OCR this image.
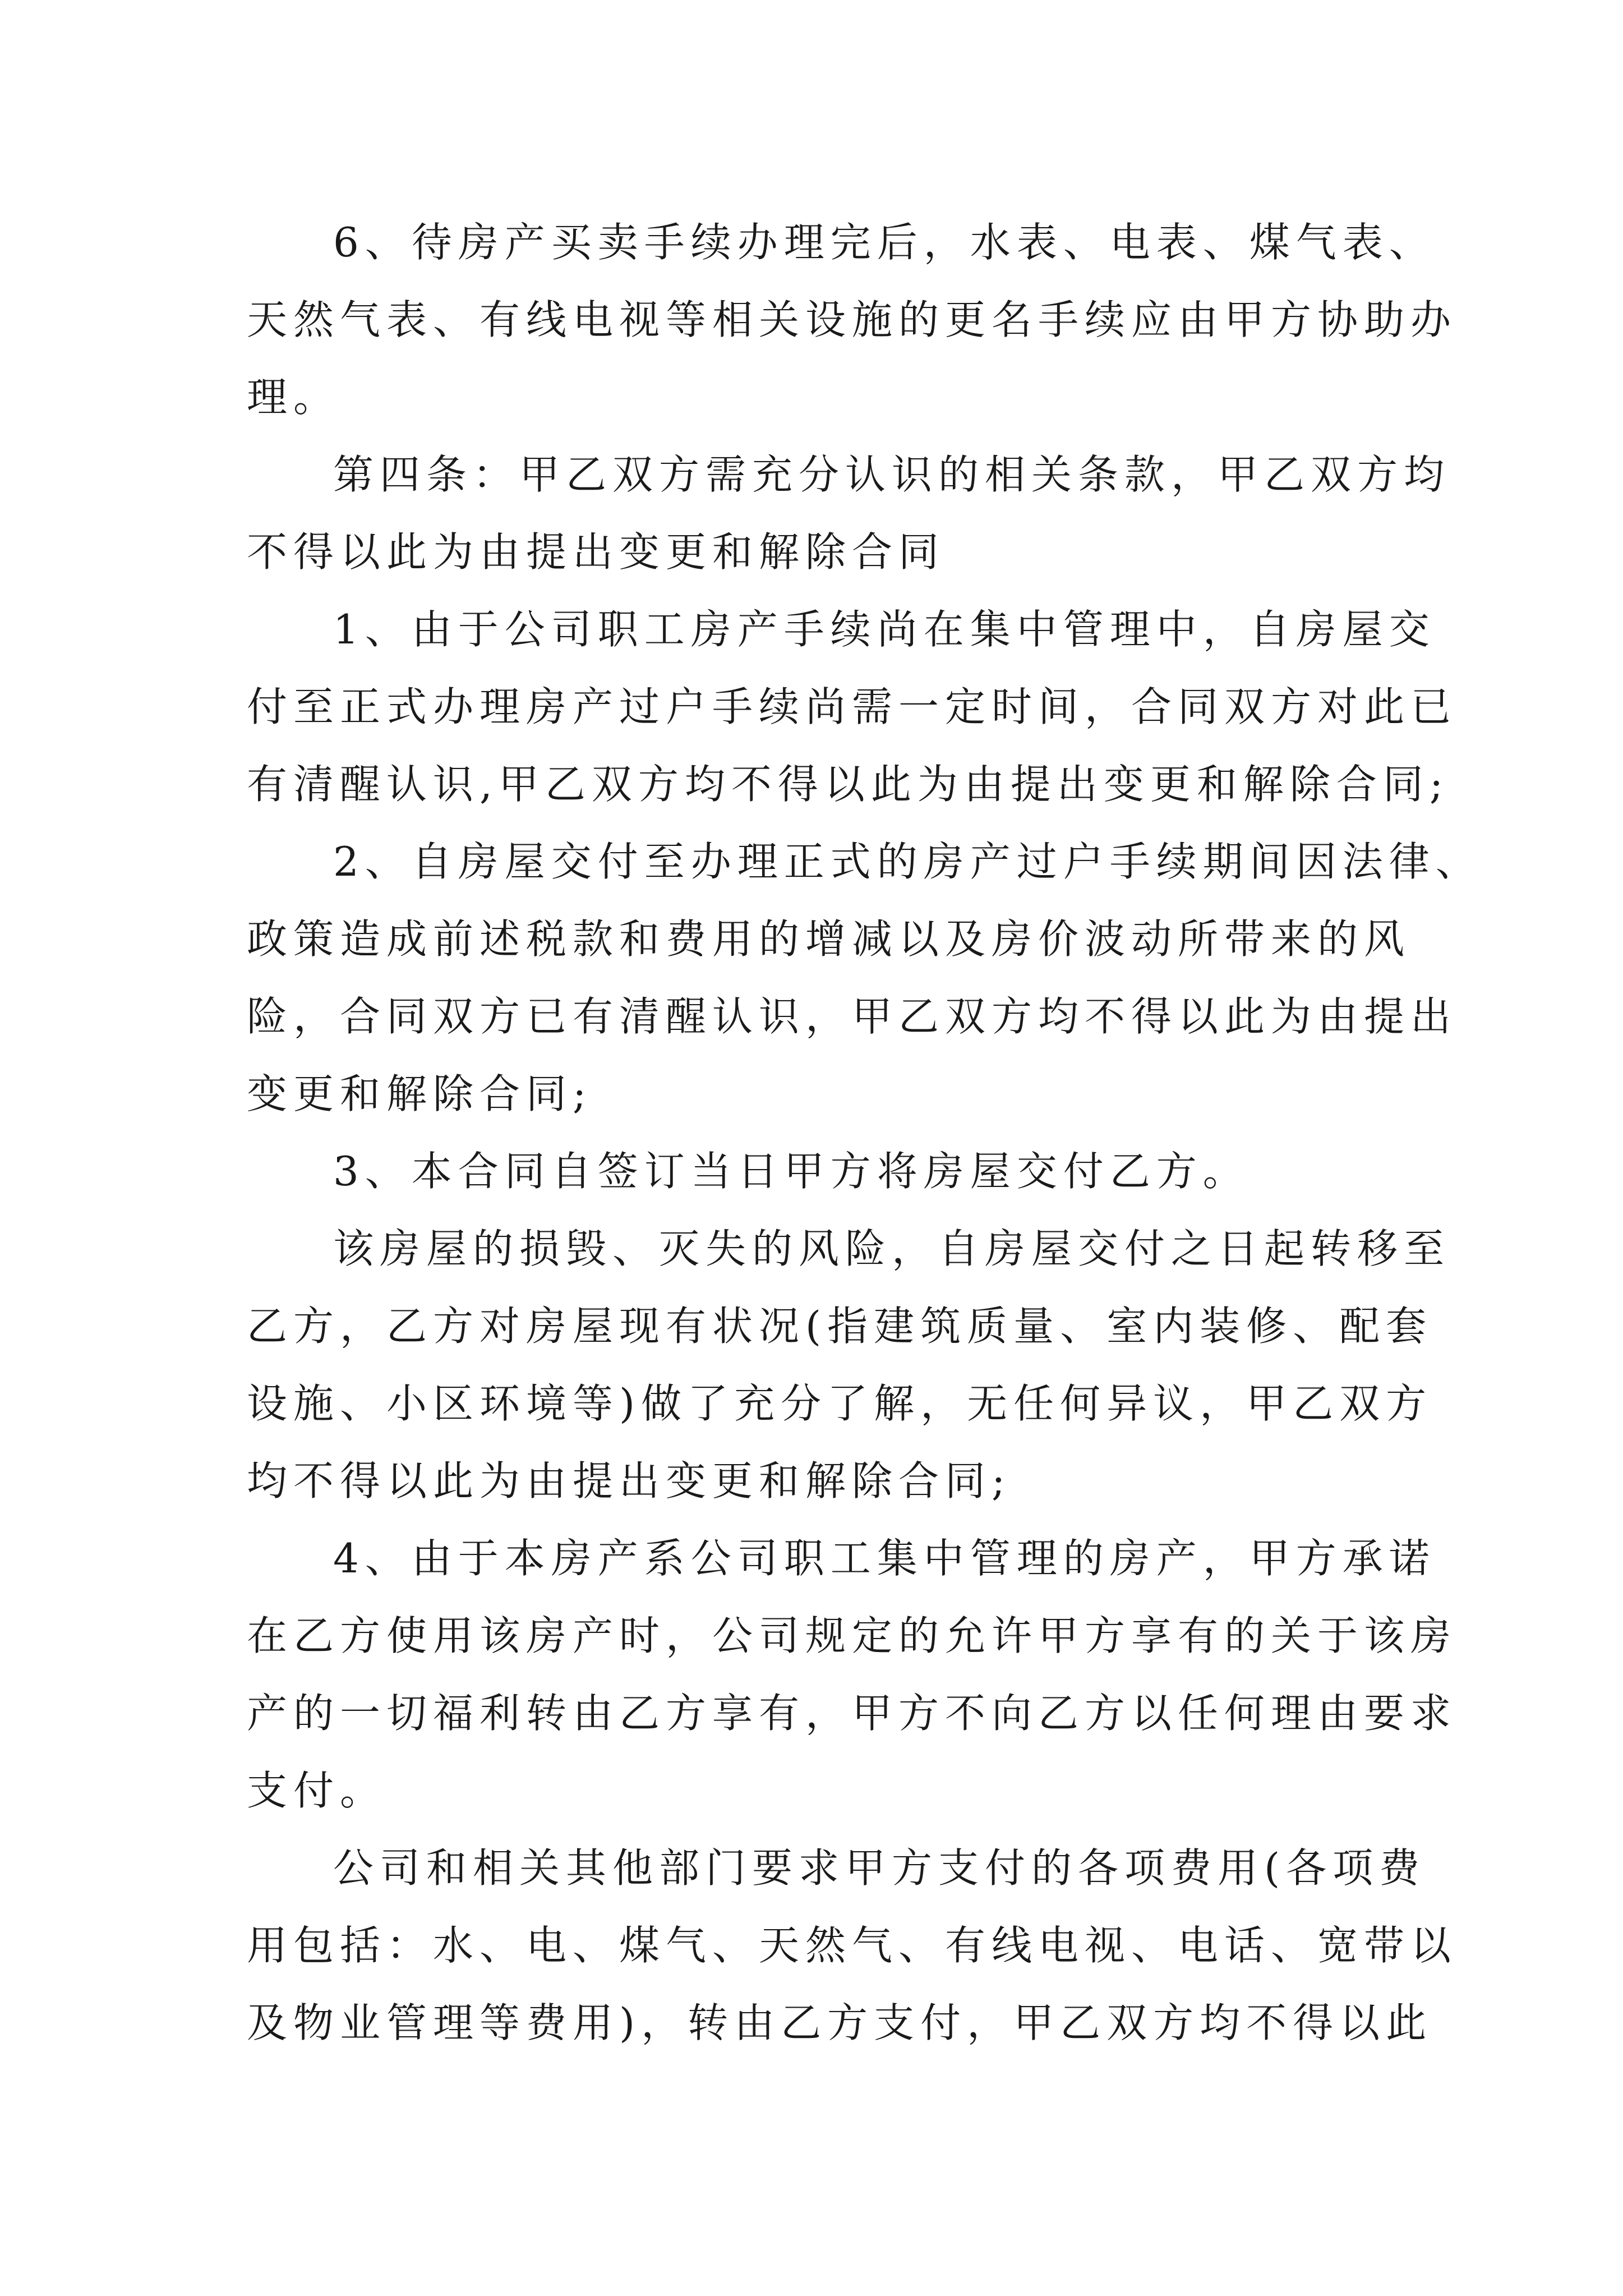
6、待房产买卖手续办理完后，水表、电表、煤气表、
天然气表、有线电视等相关设施的更名手续应由甲方协助办
理。
第四条：甲乙双方需充分认识的相关条款，甲乙双方均
不得以此为由提出变更和解除合同
1、由于公司职工房产手续尚在集中管理中，自房屋交
付至正式办理房产过户手续尚需一定时间，合同双方对此已
有清醒认识,甲乙双方均不得以此为由提出变更和解除合同;
2、自房屋交付至办理正式的房产过户手续期间因法律、
政策造成前述税款和费用的增减以及房价波动所带来的风
险，合同双方已有清醒认识，甲乙双方均不得以此为由提出
变更和解除合同;
3、本合同自签订当日甲方将房屋交付乙方。
该房屋的损毁、灭失的风险，自房屋交付之日起转移至
乙方，乙方对房屋现有状况(指建筑质量、室内装修、配套
设施、小区环境等)做了充分了解，无任何异议，甲乙双方
均不得以此为由提出变更和解除合同;
4、由于本房产系公司职工集中管理的房产，甲方承诺
在乙方使用该房产时，公司规定的允许甲方享有的关于该房
产的一切福利转由乙方享有，甲方不向乙方以任何理由要求
支付。
公司和相关其他部门要求甲方支付的各项费用(各项费
用包括：水、电、煤气、天然气、有线电视、电话、宽带以
及物业管理等费用)，转由乙方支付，甲乙双方均不得以此
